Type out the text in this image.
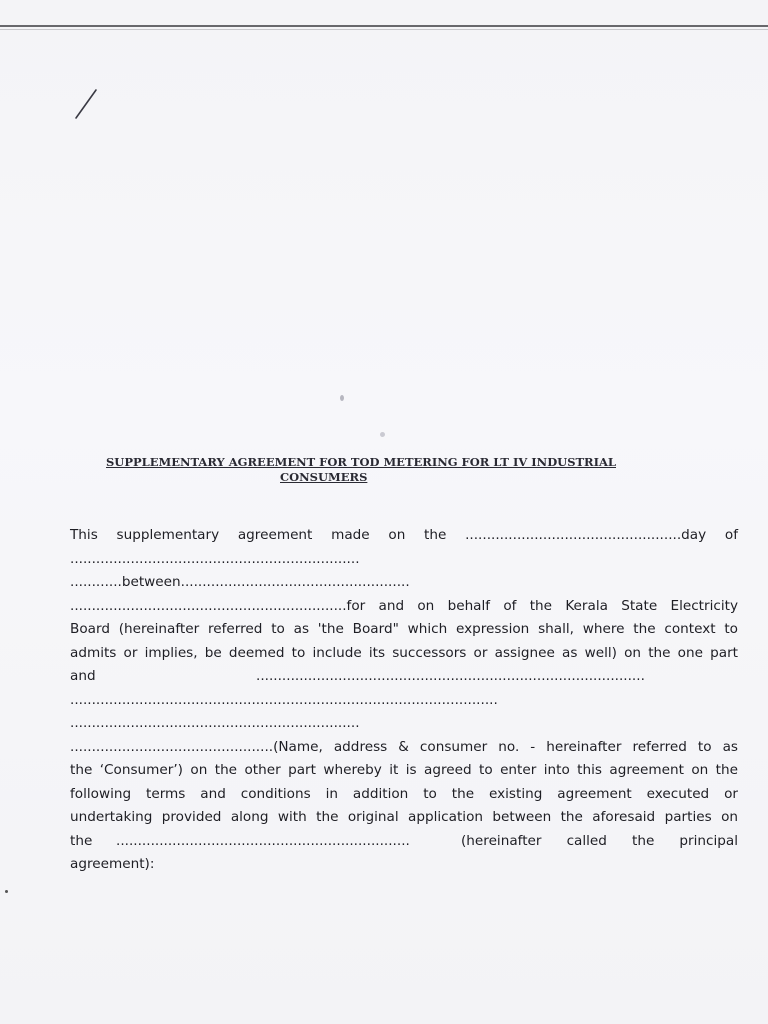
SUPPLEMENTARY AGREEMENT FOR TOD METERING FOR LT IV INDUSTRIAL
CONSUMERS
This supplementary agreement made on the ..................................................day of
...................................................................
............between.....................................................
................................................................for and on behalf of the Kerala State Electricity
Board (hereinafter referred to as 'the Board" which expression shall, where the context to
admits or implies, be deemed to include its successors or assignee as well) on the one part
and	..........................................................................................
...................................................................................................
...................................................................
...............................................(Name, address & consumer no. - hereinafter referred to as
the ‘Consumer’) on the other part whereby it is agreed to enter into this agreement on the
following terms and conditions in addition to the existing agreement executed or
undertaking provided along with the original application between the aforesaid parties on
the ....................................................................	(hereinafter called the principal
agreement):
